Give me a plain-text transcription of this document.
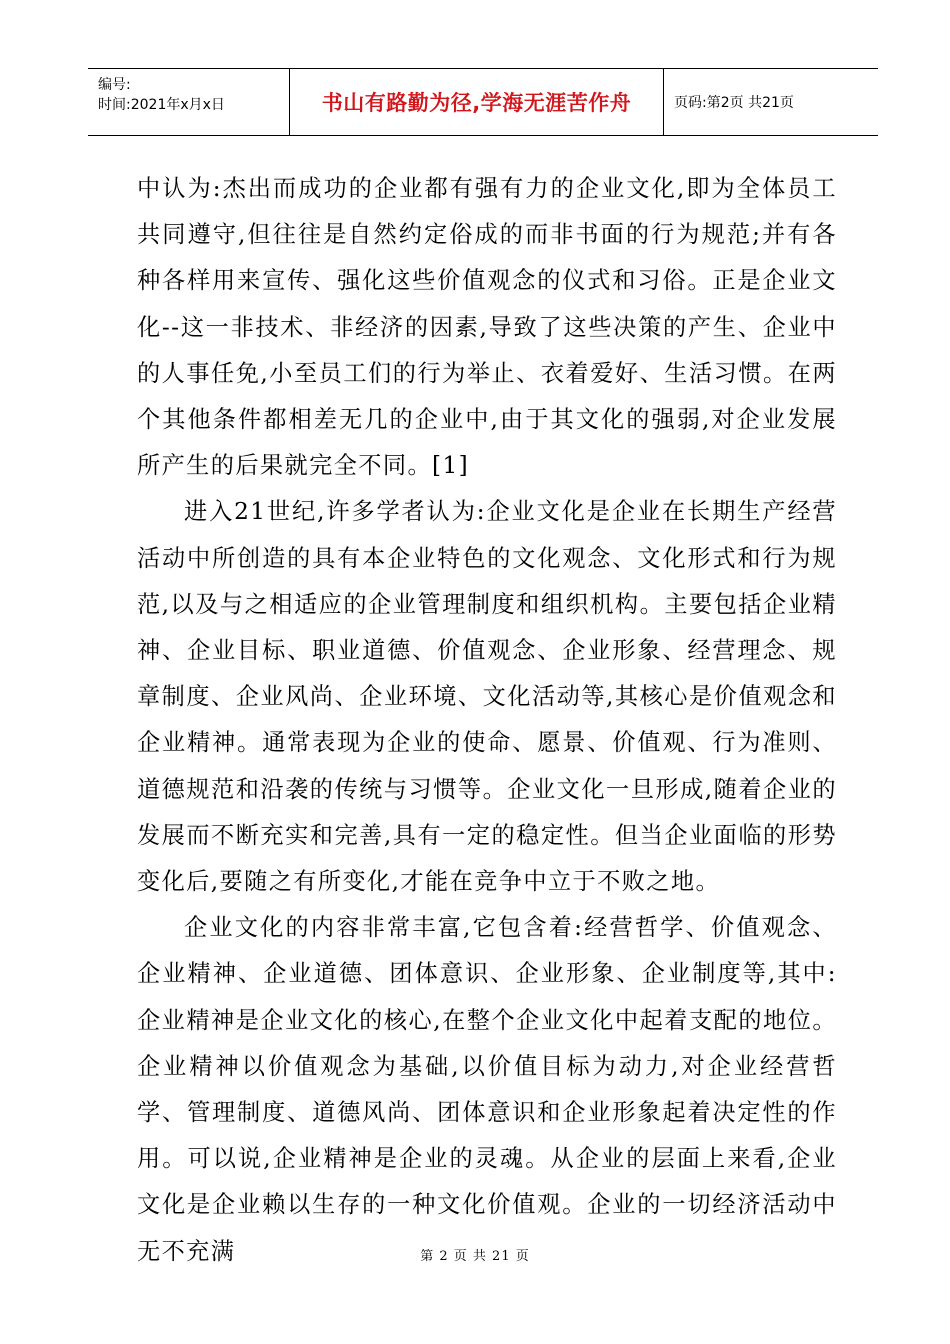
编号:
时间:2021年x月x日	书山有路勤为径,学海无涯苦作舟	页码:第2页 共21页

中认为:杰出而成功的企业都有强有力的企业文化,即为全体员工共同遵守,但往往是自然约定俗成的而非书面的行为规范;并有各种各样用来宣传、强化这些价值观念的仪式和习俗。正是企业文化--这一非技术、非经济的因素,导致了这些决策的产生、企业中的人事任免,小至员工们的行为举止、衣着爱好、生活习惯。在两个其他条件都相差无几的企业中,由于其文化的强弱,对企业发展所产生的后果就完全不同。[1]

进入21世纪,许多学者认为:企业文化是企业在长期生产经营活动中所创造的具有本企业特色的文化观念、文化形式和行为规范,以及与之相适应的企业管理制度和组织机构。主要包括企业精神、企业目标、职业道德、价值观念、企业形象、经营理念、规章制度、企业风尚、企业环境、文化活动等,其核心是价值观念和企业精神。通常表现为企业的使命、愿景、价值观、行为准则、道德规范和沿袭的传统与习惯等。企业文化一旦形成,随着企业的发展而不断充实和完善,具有一定的稳定性。但当企业面临的形势变化后,要随之有所变化,才能在竞争中立于不败之地。

企业文化的内容非常丰富,它包含着:经营哲学、价值观念、企业精神、企业道德、团体意识、企业形象、企业制度等,其中:企业精神是企业文化的核心,在整个企业文化中起着支配的地位。企业精神以价值观念为基础,以价值目标为动力,对企业经营哲学、管理制度、道德风尚、团体意识和企业形象起着决定性的作用。可以说,企业精神是企业的灵魂。从企业的层面上来看,企业文化是企业赖以生存的一种文化价值观。企业的一切经济活动中无不充满	第 2 页 共 21 页
